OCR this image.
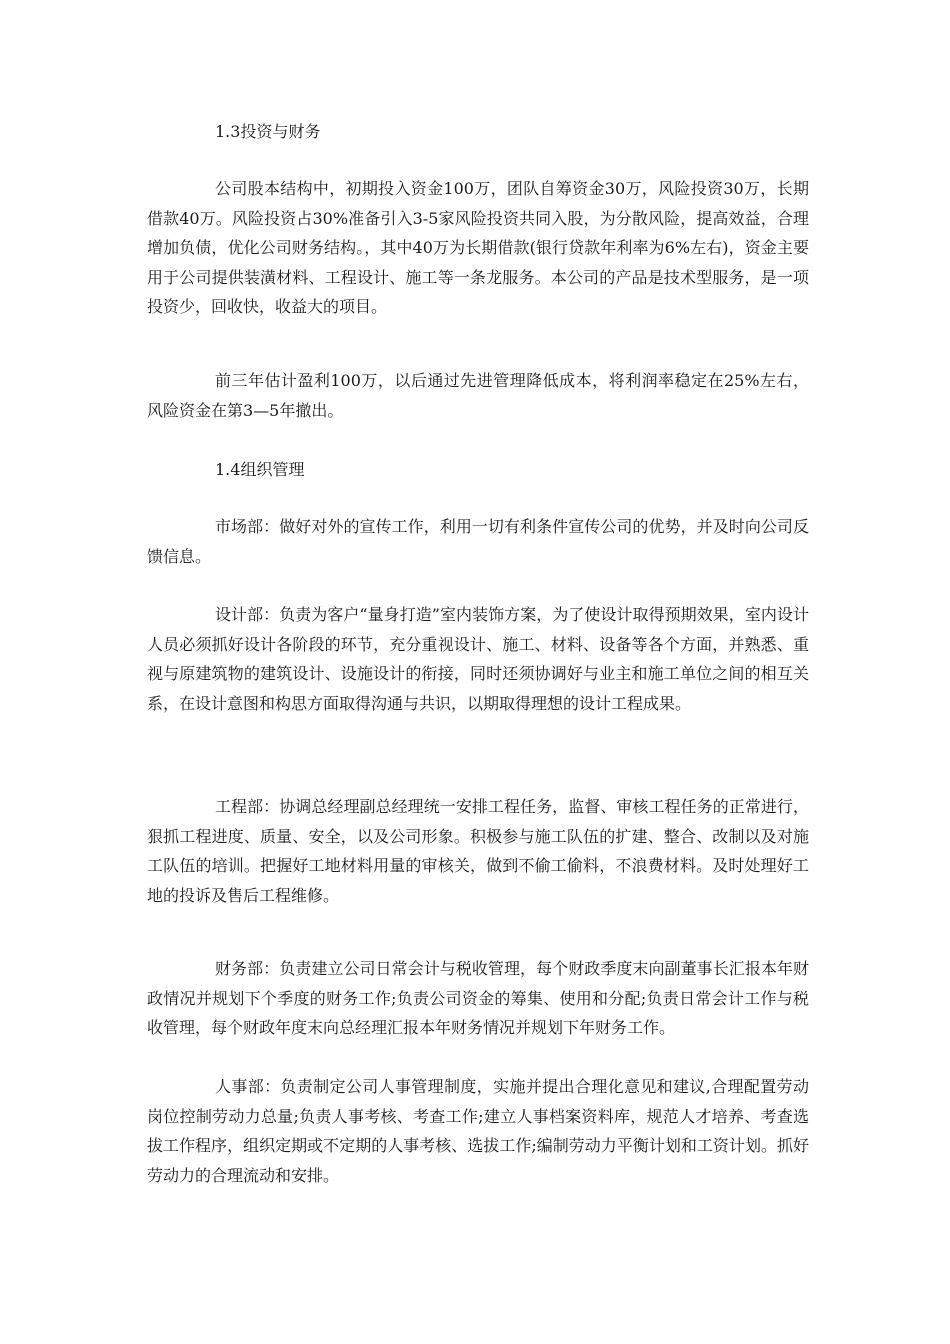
1.3投资与财务

公司股本结构中，初期投入资金100万，团队自筹资金30万，风险投资30万，长期借款40万。风险投资占30%准备引入3-5家风险投资共同入股，为分散风险，提高效益，合理增加负债，优化公司财务结构。，其中40万为长期借款(银行贷款年利率为6%左右)，资金主要用于公司提供装潢材料、工程设计、施工等一条龙服务。本公司的产品是技术型服务，是一项投资少，回收快，收益大的项目。

前三年估计盈利100万，以后通过先进管理降低成本，将利润率稳定在25%左右，风险资金在第3—5年撤出。

1.4组织管理

市场部：做好对外的宣传工作，利用一切有利条件宣传公司的优势，并及时向公司反馈信息。

设计部：负责为客户“量身打造”室内装饰方案，为了使设计取得预期效果，室内设计人员必须抓好设计各阶段的环节，充分重视设计、施工、材料、设备等各个方面，并熟悉、重视与原建筑物的建筑设计、设施设计的衔接，同时还须协调好与业主和施工单位之间的相互关系，在设计意图和构思方面取得沟通与共识，以期取得理想的设计工程成果。

工程部：协调总经理副总经理统一安排工程任务，监督、审核工程任务的正常进行，狠抓工程进度、质量、安全，以及公司形象。积极参与施工队伍的扩建、整合、改制以及对施工队伍的培训。把握好工地材料用量的审核关，做到不偷工偷料，不浪费材料。及时处理好工地的投诉及售后工程维修。

财务部：负责建立公司日常会计与税收管理，每个财政季度末向副董事长汇报本年财政情况并规划下个季度的财务工作;负责公司资金的筹集、使用和分配;负责日常会计工作与税收管理，每个财政年度末向总经理汇报本年财务情况并规划下年财务工作。

人事部：负责制定公司人事管理制度，实施并提出合理化意见和建议,合理配置劳动岗位控制劳动力总量;负责人事考核、考查工作;建立人事档案资料库，规范人才培养、考查选拔工作程序，组织定期或不定期的人事考核、选拔工作;编制劳动力平衡计划和工资计划。抓好劳动力的合理流动和安排。
